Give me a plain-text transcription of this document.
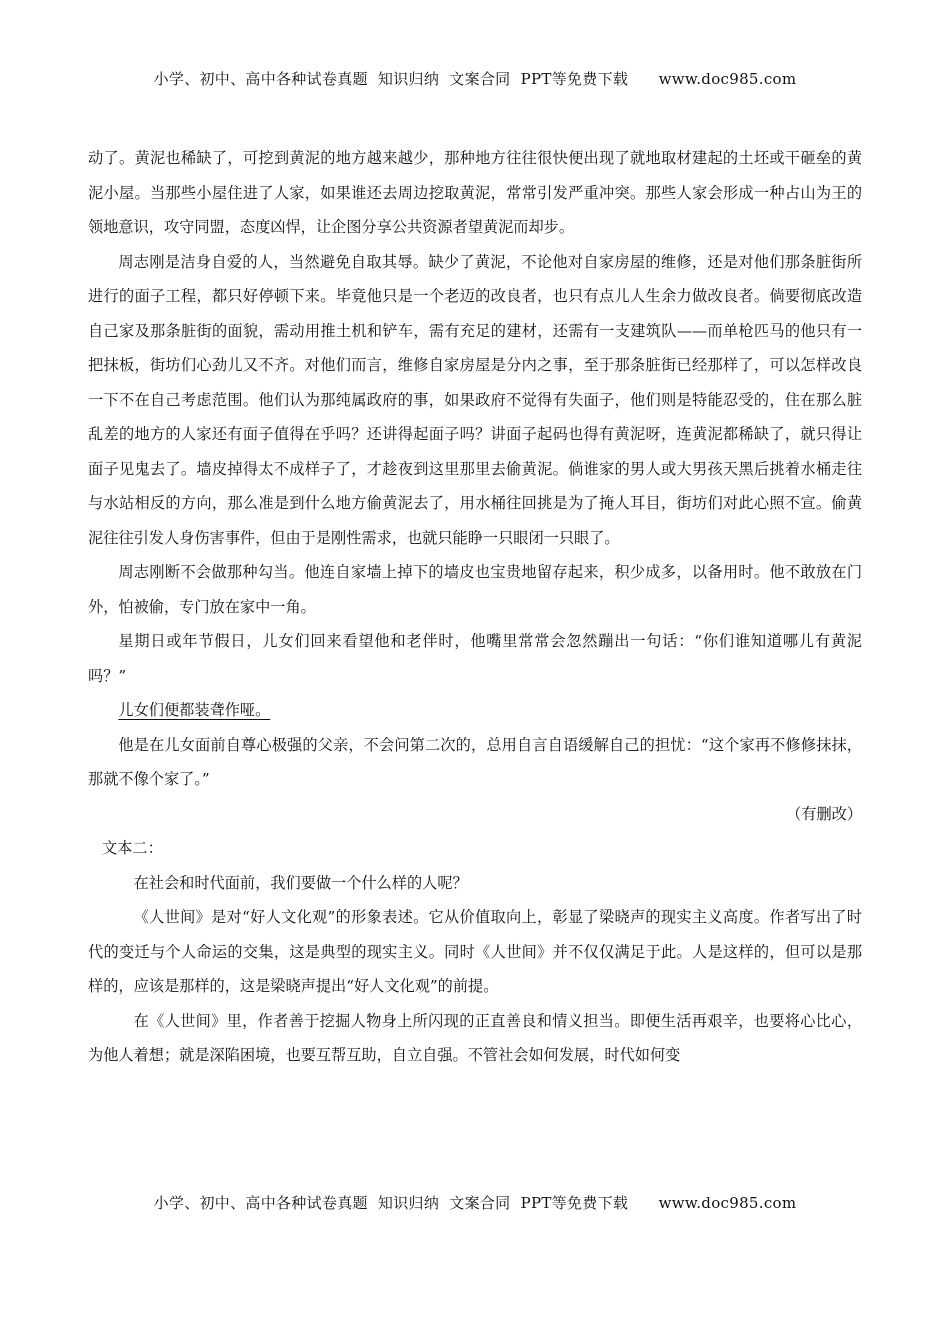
小学、初中、高中各种试卷真题  知识归纳  文案合同  PPT等免费下载      www.doc985.com

动了。黄泥也稀缺了，可挖到黄泥的地方越来越少，那种地方往往很快便出现了就地取材建起的土坯或干砸垒的黄泥小屋。当那些小屋住进了人家，如果谁还去周边挖取黄泥，常常引发严重冲突。那些人家会形成一种占山为王的领地意识，攻守同盟，态度凶悍，让企图分享公共资源者望黄泥而却步。

周志刚是洁身自爱的人，当然避免自取其辱。缺少了黄泥，不论他对自家房屋的维修，还是对他们那条脏街所进行的面子工程，都只好停顿下来。毕竟他只是一个老迈的改良者，也只有点儿人生余力做改良者。倘要彻底改造自己家及那条脏街的面貌，需动用推土机和铲车，需有充足的建材，还需有一支建筑队——而单枪匹马的他只有一把抹板，街坊们心劲儿又不齐。对他们而言，维修自家房屋是分内之事，至于那条脏街已经那样了，可以怎样改良一下不在自己考虑范围。他们认为那纯属政府的事，如果政府不觉得有失面子，他们则是特能忍受的，住在那么脏乱差的地方的人家还有面子值得在乎吗？还讲得起面子吗？讲面子起码也得有黄泥呀，连黄泥都稀缺了，就只得让面子见鬼去了。墙皮掉得太不成样子了，才趁夜到这里那里去偷黄泥。倘谁家的男人或大男孩天黑后挑着水桶走往与水站相反的方向，那么准是到什么地方偷黄泥去了，用水桶往回挑是为了掩人耳目，街坊们对此心照不宣。偷黄泥往往引发人身伤害事件，但由于是刚性需求，也就只能睁一只眼闭一只眼了。

周志刚断不会做那种勾当。他连自家墙上掉下的墙皮也宝贵地留存起来，积少成多，以备用时。他不敢放在门外，怕被偷，专门放在家中一角。

星期日或年节假日，儿女们回来看望他和老伴时，他嘴里常常会忽然蹦出一句话：“你们谁知道哪儿有黄泥吗？”

儿女们便都装聋作哑。

他是在儿女面前自尊心极强的父亲，不会问第二次的，总用自言自语缓解自己的担忧：“这个家再不修修抹抹，那就不像个家了。”

（有删改）

文本二：

在社会和时代面前，我们要做一个什么样的人呢？

《人世间》是对“好人文化观”的形象表述。它从价值取向上，彰显了梁晓声的现实主义高度。作者写出了时代的变迁与个人命运的交集，这是典型的现实主义。同时《人世间》并不仅仅满足于此。人是这样的，但可以是那样的，应该是那样的，这是梁晓声提出“好人文化观”的前提。

在《人世间》里，作者善于挖掘人物身上所闪现的正直善良和情义担当。即便生活再艰辛，也要将心比心，为他人着想；就是深陷困境，也要互帮互助，自立自强。不管社会如何发展，时代如何变

小学、初中、高中各种试卷真题  知识归纳  文案合同  PPT等免费下载      www.doc985.com
